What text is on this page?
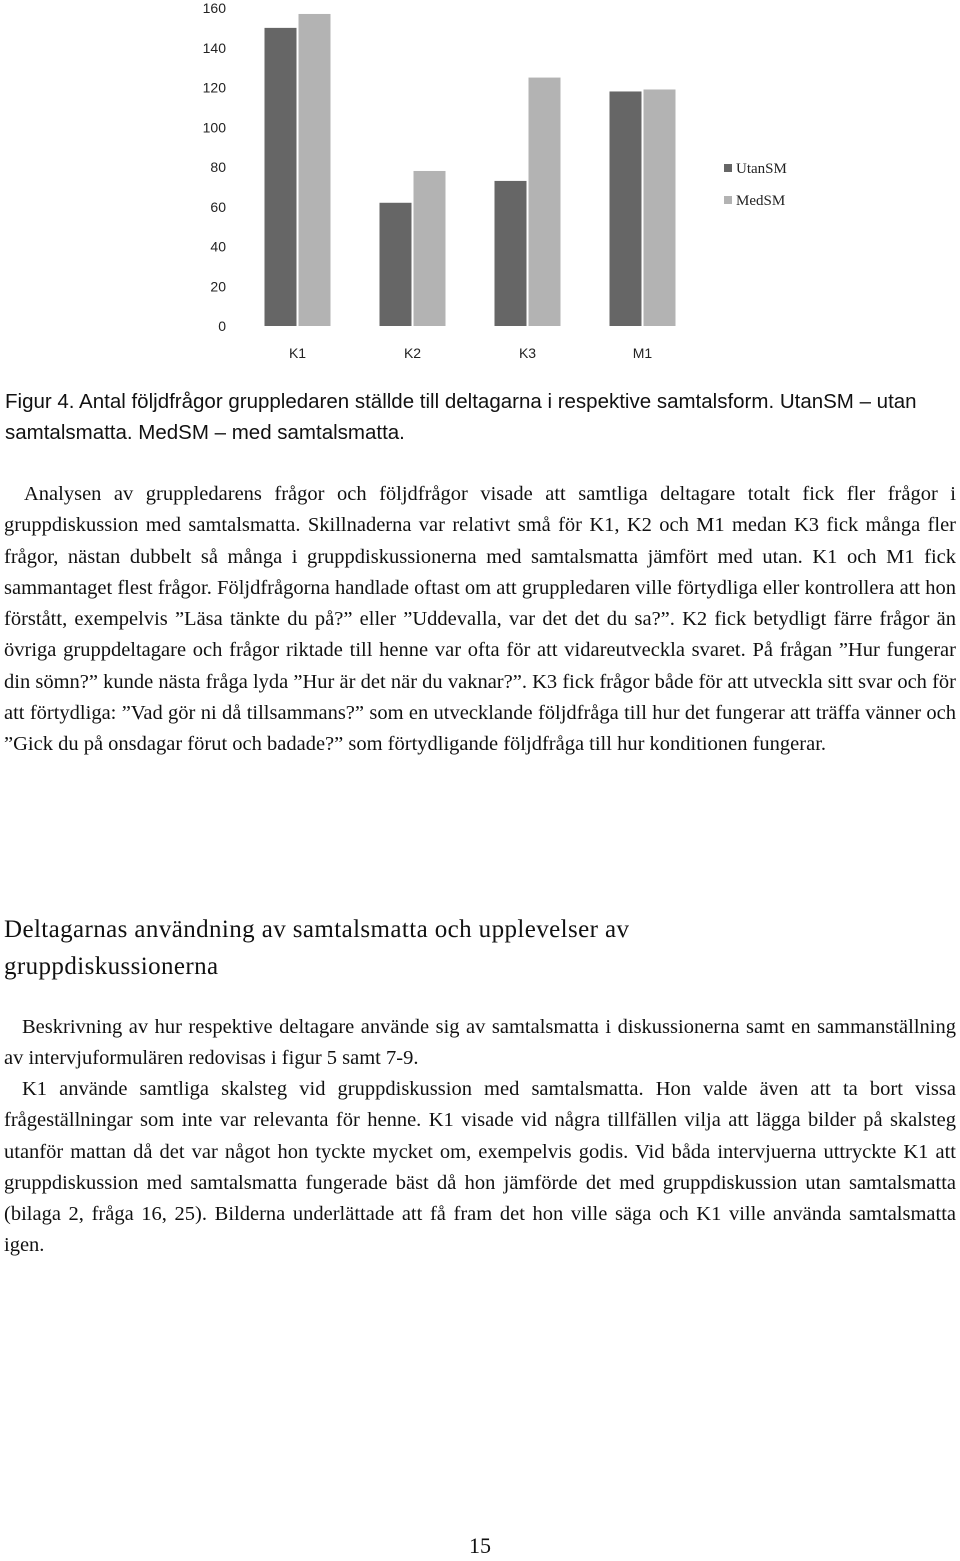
160
140
120
100
80
60
40
20
0
K1	K2	K3	M1
UtanSM
MedSM

Figur 4. Antal följdfrågor gruppledaren ställde till deltagarna i respektive samtalsform. UtanSM – utan samtalsmatta. MedSM – med samtalsmatta.

Analysen av gruppledarens frågor och följdfrågor visade att samtliga deltagare totalt fick fler frågor i gruppdiskussion med samtalsmatta. Skillnaderna var relativt små för K1, K2 och M1 medan K3 fick många fler frågor, nästan dubbelt så många i gruppdiskussionerna med samtalsmatta jämfört med utan. K1 och M1 fick sammantaget flest frågor. Följdfrågorna handlade oftast om att gruppledaren ville förtydliga eller kontrollera att hon förstått, exempelvis ”Läsa tänkte du på?” eller ”Uddevalla, var det det du sa?”. K2 fick betydligt färre frågor än övriga gruppdeltagare och frågor riktade till henne var ofta för att vidareutveckla svaret. På frågan ”Hur fungerar din sömn?” kunde nästa fråga lyda ”Hur är det när du vaknar?”. K3 fick frågor både för att utveckla sitt svar och för att förtydliga: ”Vad gör ni då tillsammans?” som en utvecklande följdfråga till hur det fungerar att träffa vänner och ”Gick du på onsdagar förut och badade?” som förtydligande följdfråga till hur konditionen fungerar.

Deltagarnas användning av samtalsmatta och upplevelser av gruppdiskussionerna

Beskrivning av hur respektive deltagare använde sig av samtalsmatta i diskussionerna samt en sammanställning av intervjuformulären redovisas i figur 5 samt 7-9.

K1 använde samtliga skalsteg vid gruppdiskussion med samtalsmatta. Hon valde även att ta bort vissa frågeställningar som inte var relevanta för henne. K1 visade vid några tillfällen vilja att lägga bilder på skalsteg utanför mattan då det var något hon tyckte mycket om, exempelvis godis. Vid båda intervjuerna uttryckte K1 att gruppdiskussion med samtalsmatta fungerade bäst då hon jämförde det med gruppdiskussion utan samtalsmatta (bilaga 2, fråga 16, 25). Bilderna underlättade att få fram det hon ville säga och K1 ville använda samtalsmatta igen.

15
